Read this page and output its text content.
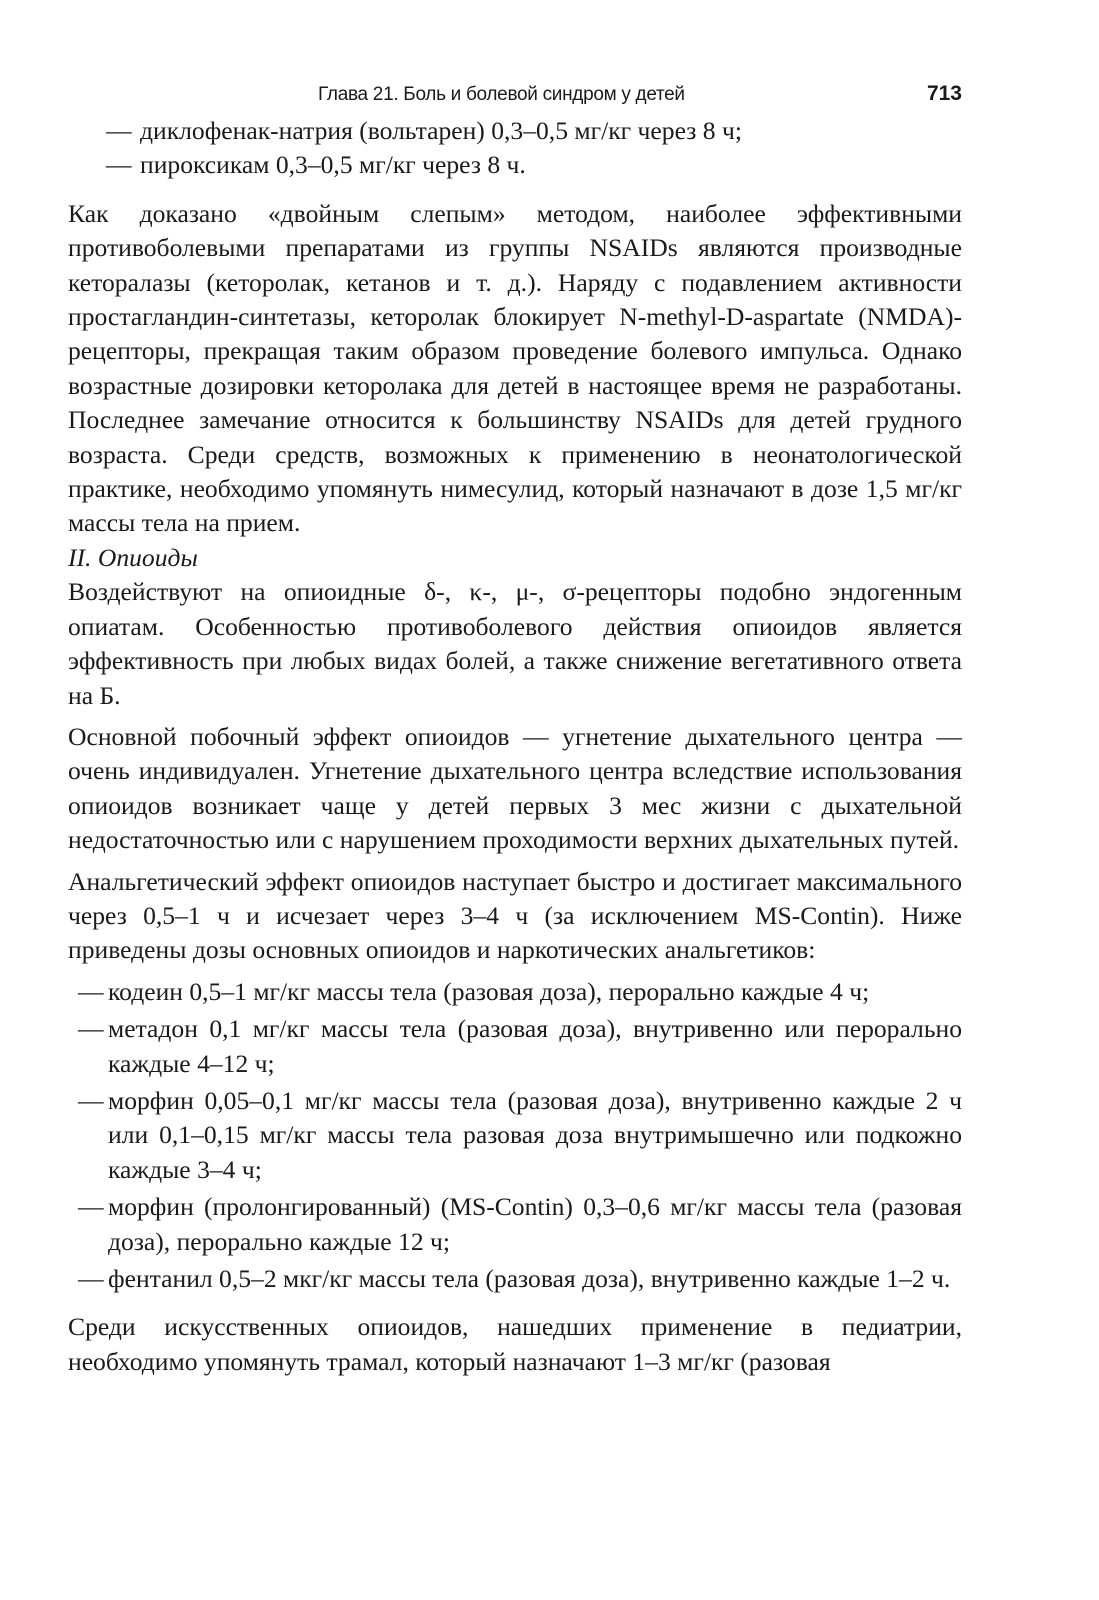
Глава 21. Боль и болевой синдром у детей	713
— диклофенак-натрия (вольтарен) 0,3–0,5 мг/кг через 8 ч;
— пироксикам 0,3–0,5 мг/кг через 8 ч.

Как доказано «двойным слепым» методом, наиболее эффективными противоболевыми препаратами из группы NSAIDs являются производные кеторалазы (кеторолак, кетанов и т. д.). Наряду с подавлением активности простагландин-синтетазы, кеторолак блокирует N-methyl-D-aspartate (NMDA)-рецепторы, прекращая таким образом проведение болевого импульса. Однако возрастные дозировки кеторолака для детей в настоящее время не разработаны. Последнее замечание относится к большинству NSAIDs для детей грудного возраста. Среди средств, возможных к применению в неонатологической практике, необходимо упомянуть нимесулид, который назначают в дозе 1,5 мг/кг массы тела на прием.

II. Опиоиды

Воздействуют на опиоидные δ-, κ-, μ-, σ-рецепторы подобно эндогенным опиатам. Особенностью противоболевого действия опиоидов является эффективность при любых видах болей, а также снижение вегетативного ответа на Б.

Основной побочный эффект опиоидов — угнетение дыхательного центра — очень индивидуален. Угнетение дыхательного центра вследствие использования опиоидов возникает чаще у детей первых 3 мес жизни с дыхательной недостаточностью или с нарушением проходимости верхних дыхательных путей.

Анальгетический эффект опиоидов наступает быстро и достигает максимального через 0,5–1 ч и исчезает через 3–4 ч (за исключением MS-Contin). Ниже приведены дозы основных опиоидов и наркотических анальгетиков:

— кодеин 0,5–1 мг/кг массы тела (разовая доза), перорально каждые 4 ч;
— метадон 0,1 мг/кг массы тела (разовая доза), внутривенно или перорально каждые 4–12 ч;
— морфин 0,05–0,1 мг/кг массы тела (разовая доза), внутривенно каждые 2 ч или 0,1–0,15 мг/кг массы тела разовая доза внутримышечно или подкожно каждые 3–4 ч;
— морфин (пролонгированный) (MS-Contin) 0,3–0,6 мг/кг массы тела (разовая доза), перорально каждые 12 ч;
— фентанил 0,5–2 мкг/кг массы тела (разовая доза), внутривенно каждые 1–2 ч.

Среди искусственных опиоидов, нашедших применение в педиатрии, необходимо упомянуть трамал, который назначают 1–3 мг/кг (разовая
